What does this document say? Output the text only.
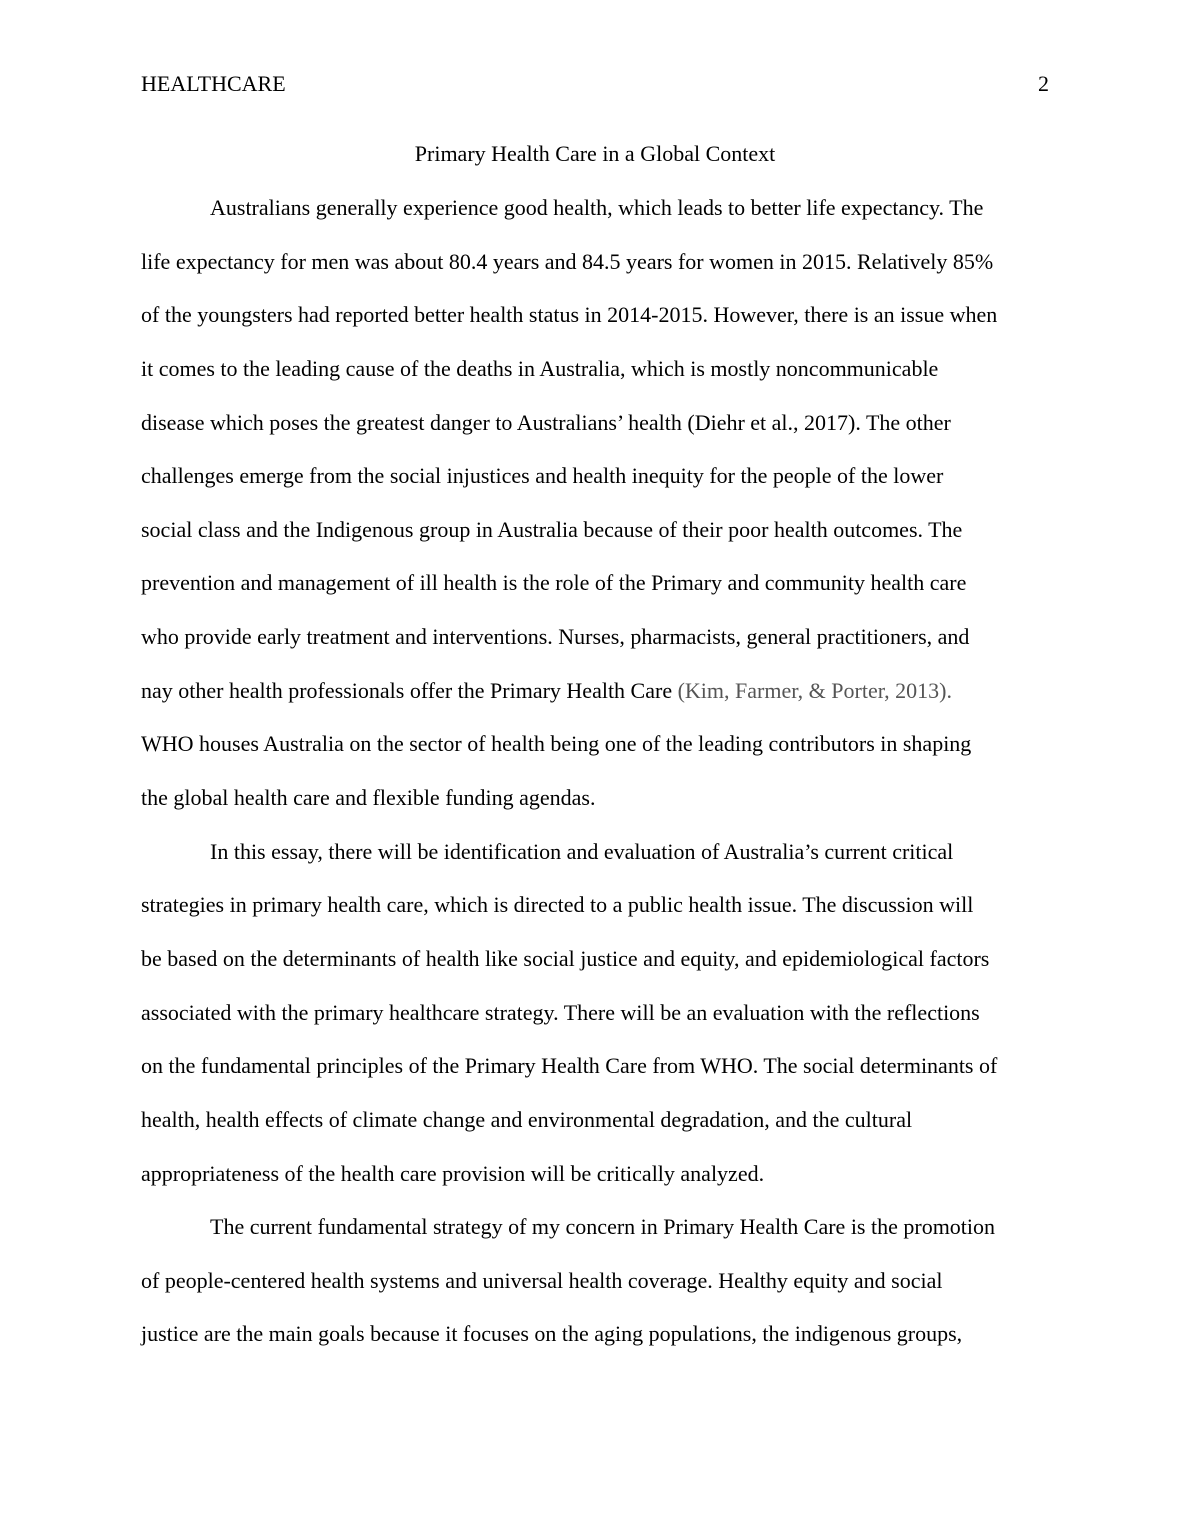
HEALTHCARE	2
Primary Health Care in a Global Context
Australians generally experience good health, which leads to better life expectancy. The
life expectancy for men was about 80.4 years and 84.5 years for women in 2015. Relatively 85%
of the youngsters had reported better health status in 2014-2015. However, there is an issue when
it comes to the leading cause of the deaths in Australia, which is mostly noncommunicable
disease which poses the greatest danger to Australians’ health (Diehr et al., 2017). The other
challenges emerge from the social injustices and health inequity for the people of the lower
social class and the Indigenous group in Australia because of their poor health outcomes. The
prevention and management of ill health is the role of the Primary and community health care
who provide early treatment and interventions. Nurses, pharmacists, general practitioners, and
nay other health professionals offer the Primary Health Care (Kim, Farmer, & Porter, 2013).
WHO houses Australia on the sector of health being one of the leading contributors in shaping
the global health care and flexible funding agendas.
In this essay, there will be identification and evaluation of Australia’s current critical
strategies in primary health care, which is directed to a public health issue. The discussion will
be based on the determinants of health like social justice and equity, and epidemiological factors
associated with the primary healthcare strategy. There will be an evaluation with the reflections
on the fundamental principles of the Primary Health Care from WHO. The social determinants of
health, health effects of climate change and environmental degradation, and the cultural
appropriateness of the health care provision will be critically analyzed.
The current fundamental strategy of my concern in Primary Health Care is the promotion
of people-centered health systems and universal health coverage. Healthy equity and social
justice are the main goals because it focuses on the aging populations, the indigenous groups,
